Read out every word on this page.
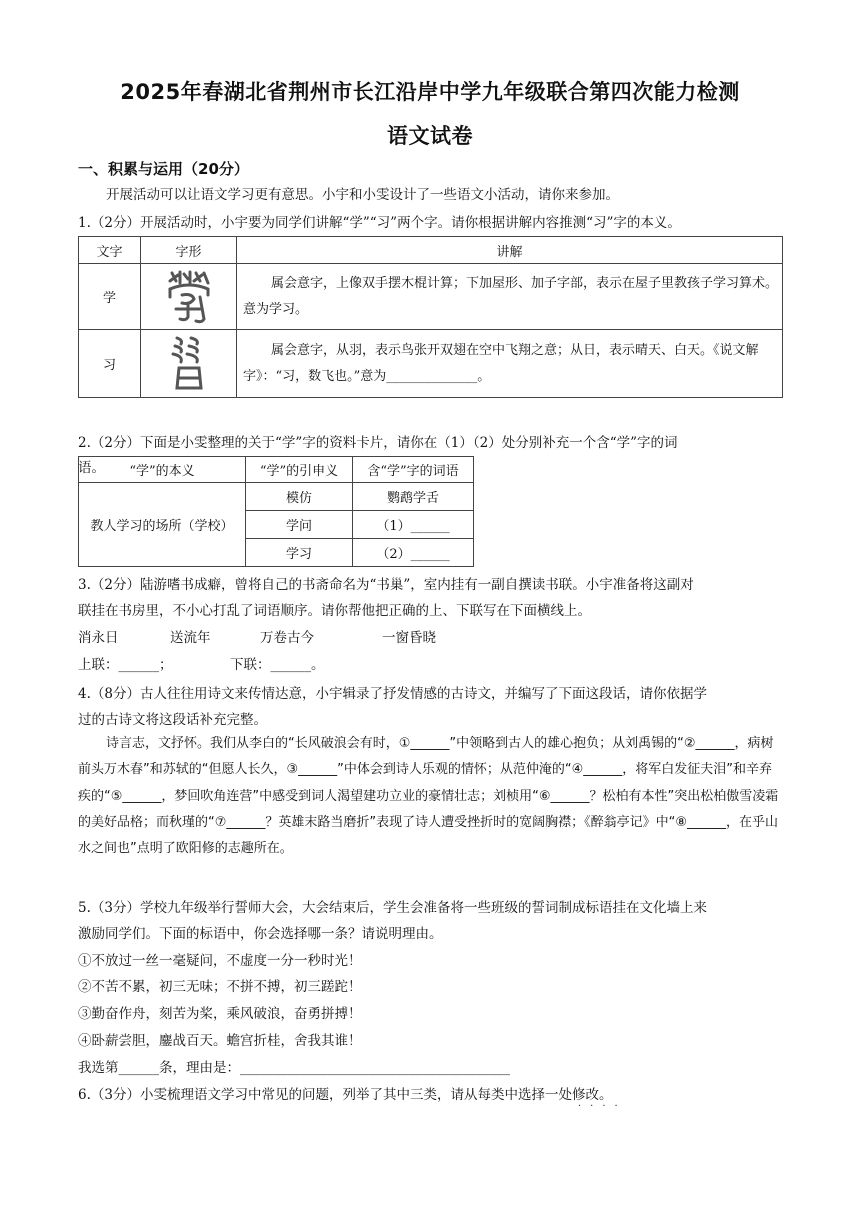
2025年春湖北省荆州市长江沿岸中学九年级联合第四次能力检测
语文试卷
一、积累与运用（20分）
开展活动可以让语文学习更有意思。小宇和小雯设计了一些语文小活动，请你来参加。
1.（2分）开展活动时，小宇要为同学们讲解“学”“习”两个字。请你根据讲解内容推测“习”字的本义。
文字	字形	讲解
学		属会意字，上像双手摆木棍计算；下加屋形、加子字部，表示在屋子里教孩子学习算术。意为学习。
习		属会意字，从羽，表示鸟张开双翅在空中飞翔之意；从日，表示晴天、白天。《说文解字》：“习，数飞也。”意为______________。
2.（2分）下面是小雯整理的关于“学”字的资料卡片，请你在（1）（2）处分别补充一个含“学”字的词
语。	“学”的本义	“学”的引申义	含“学”字的词语
教人学习的场所（学校）	模仿	鹦鹉学舌
	学问	（1）______
	学习	（2）______
3.（2分）陆游嗜书成癖，曾将自己的书斋命名为“书巢”，室内挂有一副自撰读书联。小宇准备将这副对
联挂在书房里，不小心打乱了词语顺序。请你帮他把正确的上、下联写在下面横线上。
消永日	送流年	万卷古今	一窗昏晓
上联：______；	下联：______。
4.（8分）古人往往用诗文来传情达意，小宇辑录了抒发情感的古诗文，并编写了下面这段话，请你依据学
过的古诗文将这段话补充完整。
诗言志，文抒怀。我们从李白的“长风破浪会有时，①______”中领略到古人的雄心抱负；从刘禹锡的“②______，病树前头万木春”和苏轼的“但愿人长久，③______”中体会到诗人乐观的情怀；从范仲淹的“④______，将军白发征夫泪”和辛弃疾的“⑤______，梦回吹角连营”中感受到词人渴望建功立业的豪情壮志；刘桢用“⑥______？松柏有本性”突出松柏傲雪凌霜的美好品格；而秋瑾的“⑦______？英雄末路当磨折”表现了诗人遭受挫折时的宽阔胸襟；《醉翁亭记》中“⑧______，在乎山水之间也”点明了欧阳修的志趣所在。
5.（3分）学校九年级举行誓师大会，大会结束后，学生会准备将一些班级的誓词制成标语挂在文化墙上来
激励同学们。下面的标语中，你会选择哪一条？请说明理由。
①不放过一丝一毫疑问，不虚度一分一秒时光！
②不苦不累，初三无味；不拼不搏，初三蹉跎！
③勤奋作舟，刻苦为桨，乘风破浪，奋勇拼搏！
④卧薪尝胆，鏖战百天。蟾宫折桂，舍我其谁！
我选第______条，理由是：________________________________________
6.（3分）小雯梳理语文学习中常见的问题，列举了其中三类，请从每类中选择一处修改。
····
